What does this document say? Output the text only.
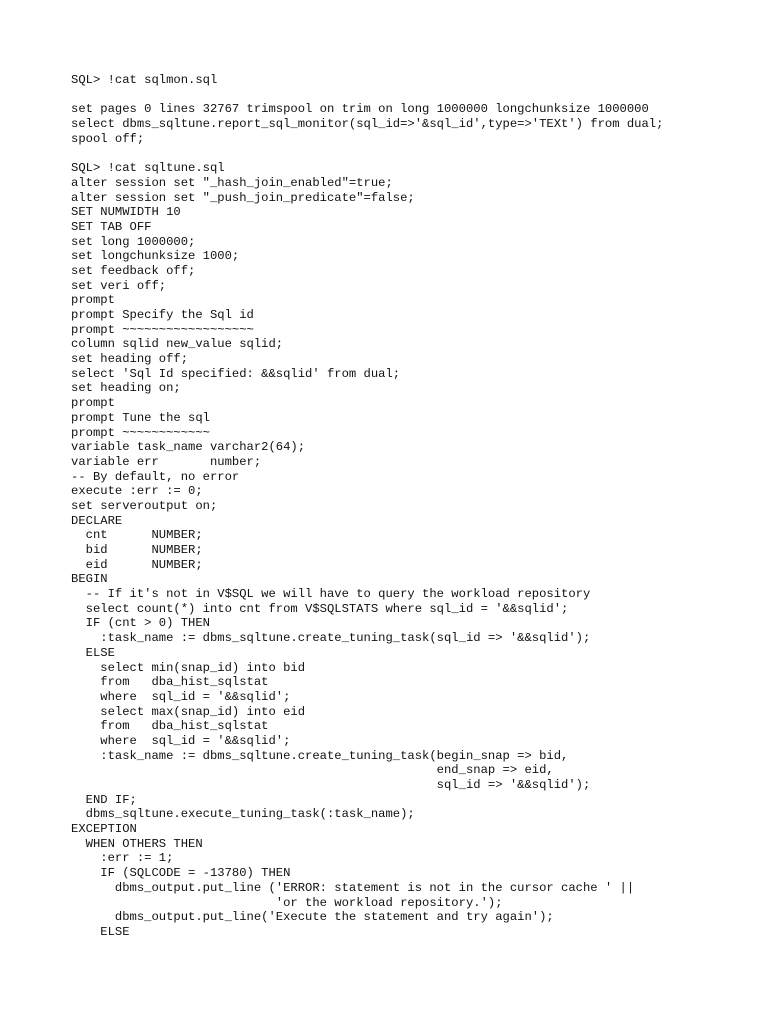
SQL> !cat sqlmon.sql
set pages 0 lines 32767 trimspool on trim on long 1000000 longchunksize 1000000
select dbms_sqltune.report_sql_monitor(sql_id=>'&sql_id',type=>'TEXt') from dual;
spool off;
SQL> !cat sqltune.sql
alter session set "_hash_join_enabled"=true;
alter session set "_push_join_predicate"=false;
SET NUMWIDTH 10
SET TAB OFF
set long 1000000;
set longchunksize 1000;
set feedback off;
set veri off;
prompt
prompt Specify the Sql id
prompt ~~~~~~~~~~~~~~~~~~
column sqlid new_value sqlid;
set heading off;
select 'Sql Id specified: &&sqlid' from dual;
set heading on;
prompt
prompt Tune the sql
prompt ~~~~~~~~~~~~
variable task_name varchar2(64);
variable err       number;
-- By default, no error
execute :err := 0;
set serveroutput on;
DECLARE
cnt      NUMBER;
bid      NUMBER;
eid      NUMBER;
BEGIN
-- If it's not in V$SQL we will have to query the workload repository
select count(*) into cnt from V$SQLSTATS where sql_id = '&&sqlid';
IF (cnt > 0) THEN
:task_name := dbms_sqltune.create_tuning_task(sql_id => '&&sqlid');
ELSE
select min(snap_id) into bid
from   dba_hist_sqlstat
where  sql_id = '&&sqlid';
select max(snap_id) into eid
from   dba_hist_sqlstat
where  sql_id = '&&sqlid';
:task_name := dbms_sqltune.create_tuning_task(begin_snap => bid,
end_snap => eid,
sql_id => '&&sqlid');
END IF;
dbms_sqltune.execute_tuning_task(:task_name);
EXCEPTION
WHEN OTHERS THEN
:err := 1;
IF (SQLCODE = -13780) THEN
dbms_output.put_line ('ERROR: statement is not in the cursor cache ' ||
'or the workload repository.');
dbms_output.put_line('Execute the statement and try again');
ELSE
